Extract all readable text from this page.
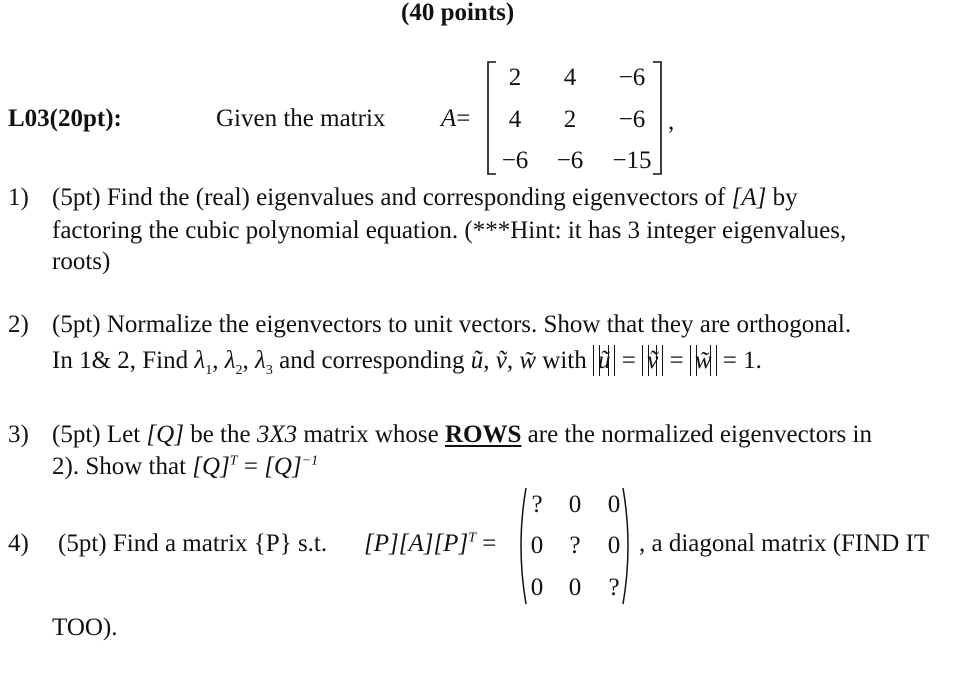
(40 points)
L03(20pt):	Given the matrix A=
2 4 −6
4 2 −6
−6 −6 −15
,
1) (5pt) Find the (real) eigenvalues and corresponding eigenvectors of [A] by
factoring the cubic polynomial equation. (***Hint: it has 3 integer eigenvalues,
roots)
2) (5pt) Normalize the eigenvectors to unit vectors. Show that they are orthogonal.
In 1& 2, Find $\lambda_1$, $\lambda_2$, $\lambda_3$ and corresponding ũ, ṽ, w̃ with ũ = ṽ = w̃ = 1.
3) (5pt) Let [Q] be the 3X3 matrix whose ROWS are the normalized eigenvectors in
2). Show that $[Q]^T = [Q]^{-1}$
4) (5pt) Find a matrix {P} s.t. $[P][A][P]^T$ =
? 0 0
0 ? 0
0 0 ?
, a diagonal matrix (FIND IT
TOO).
